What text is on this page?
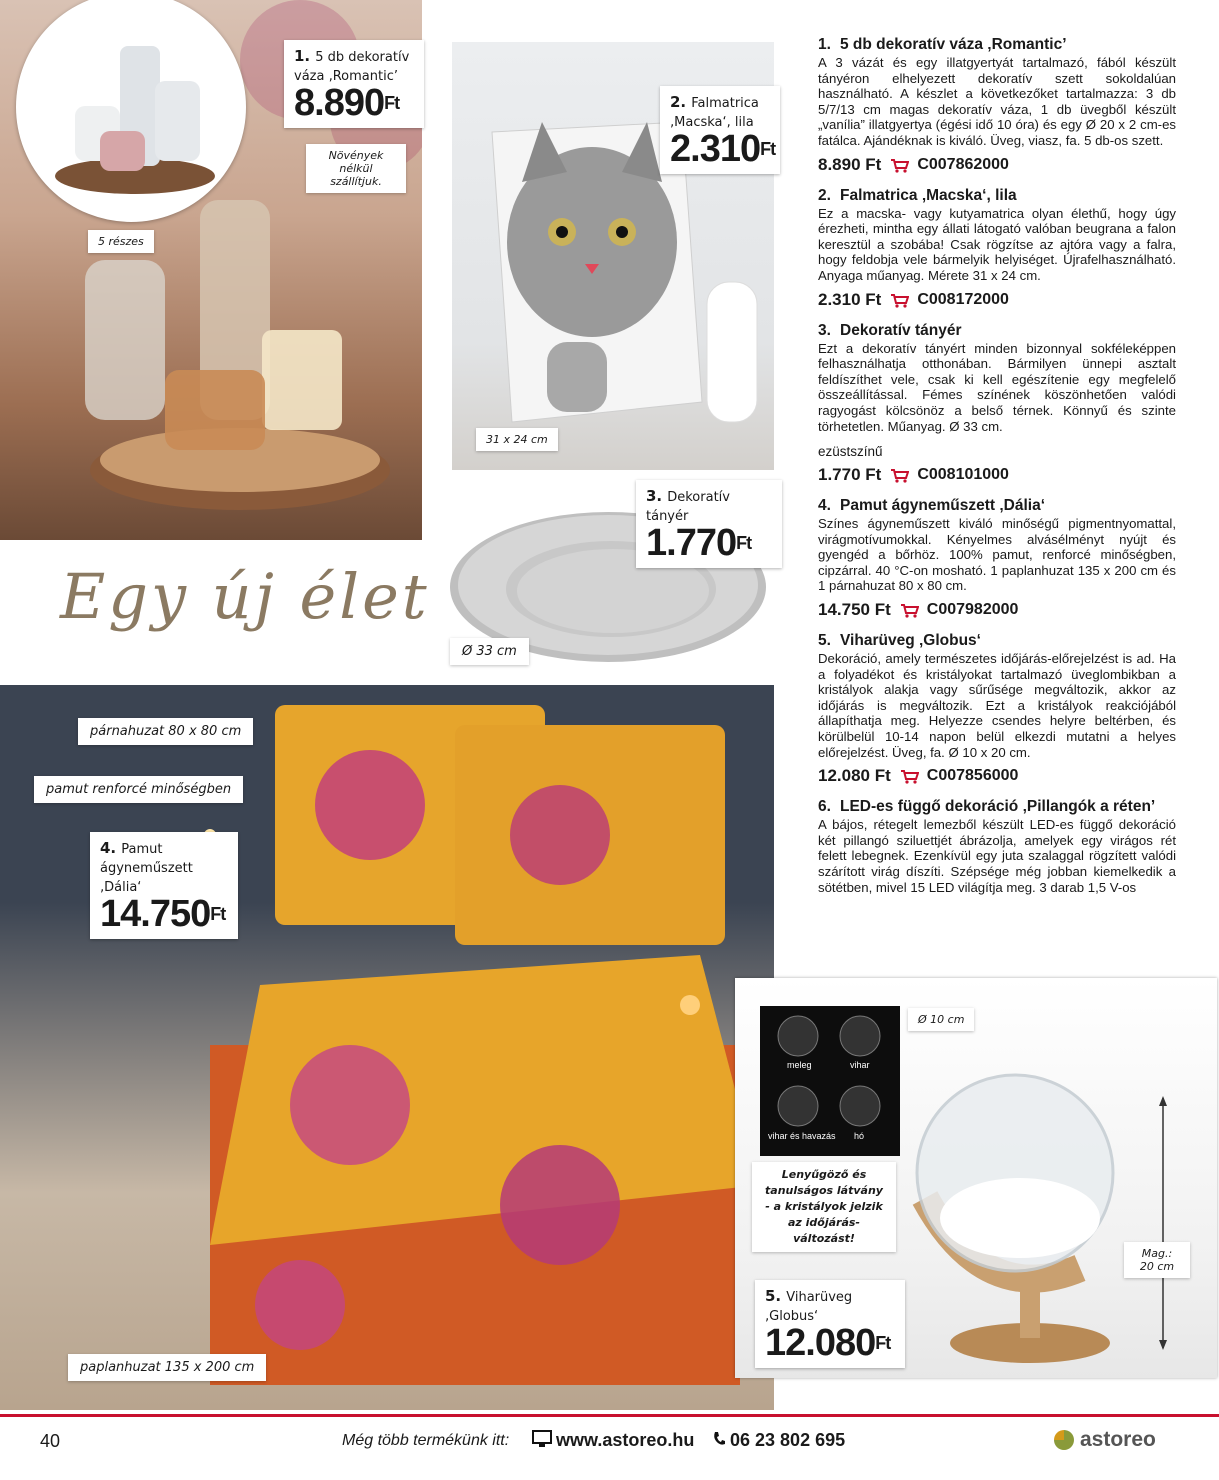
5 részes
31 x 24 cm
Ø 33 cm
Egy új élet
párnahuzat 80 x 80 cm
pamut renforcé minőségben
paplanhuzat 135 x 200 cm
meleg	vihar
vihar és havazás hó
Ø 10 cm
Mag.: 20 cm
Lenyűgöző és tanulságos látvány - a kristályok jelzik az időjárás-változást!
1. 5 db dekoratív váza ‚Romantic’
$8.890^{Ft}$
Növények nélkül szállítjuk.
2. Falmatrica ‚Macska‘, lila
$2.310^{Ft}$
3. Dekoratív tányér
$1.770^{Ft}$
4. Pamut ágyneműszett ‚Dália‘
$14.750^{Ft}$
5. Viharüveg ‚Globus‘
$12.080^{Ft}$
1. 5 db dekoratív váza ‚Romantic’

A 3 vázát és egy illatgyertyát tartalmazó, fából készült tányéron elhelyezett dekoratív szett sokoldalúan használható. A készlet a következőket tartalmazza: 3 db 5/7/13 cm magas dekoratív váza, 1 db üvegből készült „vanília” illatgyertya (égési idő 10 óra) és egy Ø 20 x 2 cm-es fatálca. Ajándéknak is kiváló. Üveg, viasz, fa. 5 db-os szett.

8.890 Ft C007862000
2. Falmatrica ‚Macska‘, lila

Ez a macska- vagy kutyamatrica olyan élethű, hogy úgy érezheti, mintha egy állati látogató valóban beugrana a falon keresztül a szobába! Csak rögzítse az ajtóra vagy a falra, hogy feldobja vele bármelyik helyiséget. Újrafelhasználható. Anyaga műanyag. Mérete 31 x 24 cm.

2.310 Ft C008172000
3. Dekoratív tányér

Ezt a dekoratív tányért minden bizonnyal sokféleképpen felhasználhatja otthonában. Bármilyen ünnepi asztalt feldíszíthet vele, csak ki kell egészítenie egy megfelelő összeállítással. Fémes színének köszönhetően valódi ragyogást kölcsönöz a belső térnek. Könnyű és szinte törhetetlen. Műanyag. Ø 33 cm.

ezüstszínű
1.770 Ft C008101000
4. Pamut ágyneműszett ‚Dália‘

Színes ágyneműszett kiváló minőségű pigmentnyomattal, virágmotívumokkal. Kényelmes alvásélményt nyújt és gyengéd a bőrhöz. 100% pamut, renforcé minőségben, cipzárral. 40 °C-on mosható. 1 paplanhuzat 135 x 200 cm és 1 párnahuzat 80 x 80 cm.

14.750 Ft C007982000
5. Viharüveg ‚Globus‘

Dekoráció, amely természetes időjárás-előrejelzést is ad. Ha a folyadékot és kristályokat tartalmazó üveglombikban a kristályok alakja vagy sűrűsége megváltozik, akkor az időjárás is megváltozik. Ezt a kristályok reakciójából állapíthatja meg. Helyezze csendes helyre beltérben, és körülbelül 10-14 napon belül elkezdi mutatni a helyes előrejelzést. Üveg, fa. Ø 10 x 20 cm.

12.080 Ft C007856000
6. LED-es függő dekoráció ‚Pillangók a réten’

A bájos, rétegelt lemezből készült LED-es függő dekoráció két pillangó sziluettjét ábrázolja, amelyek egy virágos rét felett lebegnek. Ezenkívül egy juta szalaggal rögzített valódi szárított virág díszíti. Szépsége még jobban kiemelkedik a sötétben, mivel 15 LED világítja meg. 3 darab 1,5 V-os

40	Még több termékünk itt:	www.astoreo.hu 06 23 802 695	astoreo
